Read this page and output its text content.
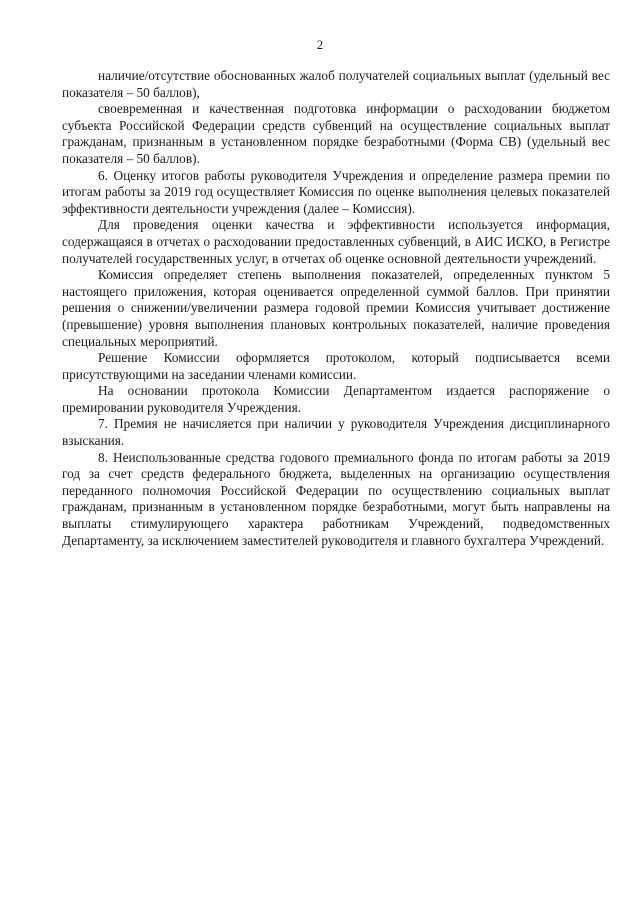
2

наличие/отсутствие обоснованных жалоб получателей социальных выплат (удельный вес показателя – 50 баллов),

своевременная и качественная подготовка информации о расходовании бюджетом субъекта Российской Федерации средств субвенций на осуществление социальных выплат гражданам, признанным в установленном порядке безработными (Форма СВ) (удельный вес показателя – 50 баллов).

6. Оценку итогов работы руководителя Учреждения и определение размера премии по итогам работы за 2019 год осуществляет Комиссия по оценке выполнения целевых показателей эффективности деятельности учреждения (далее – Комиссия).

Для проведения оценки качества и эффективности используется информация, содержащаяся в отчетах о расходовании предоставленных субвенций, в АИС ИСКО, в Регистре получателей государственных услуг, в отчетах об оценке основной деятельности учреждений.

Комиссия определяет степень выполнения показателей, определенных пунктом 5 настоящего приложения, которая оценивается определенной суммой баллов. При принятии решения о снижении/увеличении размера годовой премии Комиссия учитывает достижение (превышение) уровня выполнения плановых контрольных показателей, наличие проведения специальных мероприятий.

Решение Комиссии оформляется протоколом, который подписывается всеми присутствующими на заседании членами комиссии.

На основании протокола Комиссии Департаментом издается распоряжение о премировании руководителя Учреждения.

7. Премия не начисляется при наличии у руководителя Учреждения дисциплинарного взыскания.

8. Неиспользованные средства годового премиального фонда по итогам работы за 2019 год за счет средств федерального бюджета, выделенных на организацию осуществления переданного полномочия Российской Федерации по осуществлению социальных выплат гражданам, признанным в установленном порядке безработными, могут быть направлены на выплаты стимулирующего характера работникам Учреждений, подведомственных Департаменту, за исключением заместителей руководителя и главного бухгалтера Учреждений.
